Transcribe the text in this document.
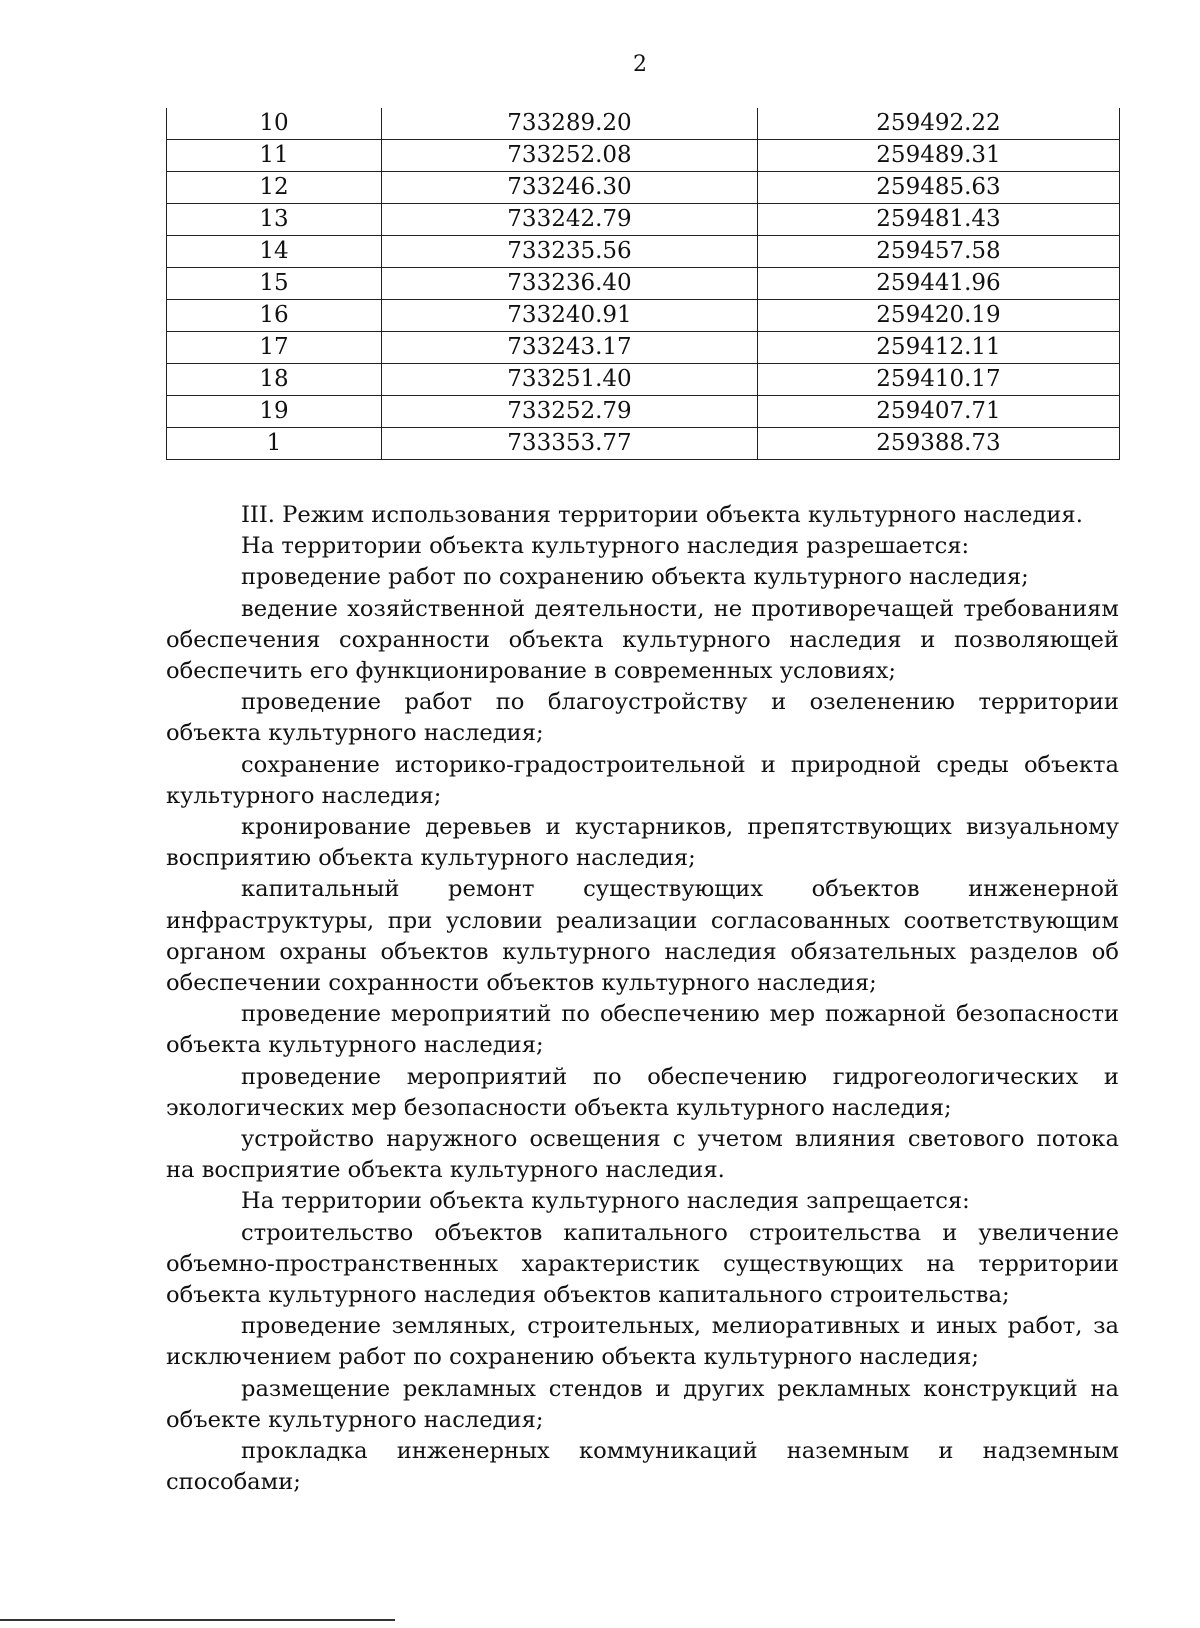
2
10	733289.20	259492.22
11	733252.08	259489.31
12	733246.30	259485.63
13	733242.79	259481.43
14	733235.56	259457.58
15	733236.40	259441.96
16	733240.91	259420.19
17	733243.17	259412.11
18	733251.40	259410.17
19	733252.79	259407.71
1	733353.77	259388.73

III. Режим использования территории объекта культурного наследия.

На территории объекта культурного наследия разрешается:

проведение работ по сохранению объекта культурного наследия;

ведение хозяйственной деятельности, не противоречащей требованиям обеспечения сохранности объекта культурного наследия и позволяющей обеспечить его функционирование в современных условиях;

проведение работ по благоустройству и озеленению территории объекта культурного наследия;

сохранение историко-градостроительной и природной среды объекта культурного наследия;

кронирование деревьев и кустарников, препятствующих визуальному восприятию объекта культурного наследия;

капитальный ремонт существующих объектов инженерной инфраструктуры, при условии реализации согласованных соответствующим органом охраны объектов культурного наследия обязательных разделов об обеспечении сохранности объектов культурного наследия;

проведение мероприятий по обеспечению мер пожарной безопасности объекта культурного наследия;

проведение мероприятий по обеспечению гидрогеологических и экологических мер безопасности объекта культурного наследия;

устройство наружного освещения с учетом влияния светового потока на восприятие объекта культурного наследия.

На территории объекта культурного наследия запрещается:

строительство объектов капитального строительства и увеличение объемно-пространственных характеристик существующих на территории объекта культурного наследия объектов капитального строительства;

проведение земляных, строительных, мелиоративных и иных работ, за исключением работ по сохранению объекта культурного наследия;

размещение рекламных стендов и других рекламных конструкций на объекте культурного наследия;

прокладка инженерных коммуникаций наземным и надземным способами;
